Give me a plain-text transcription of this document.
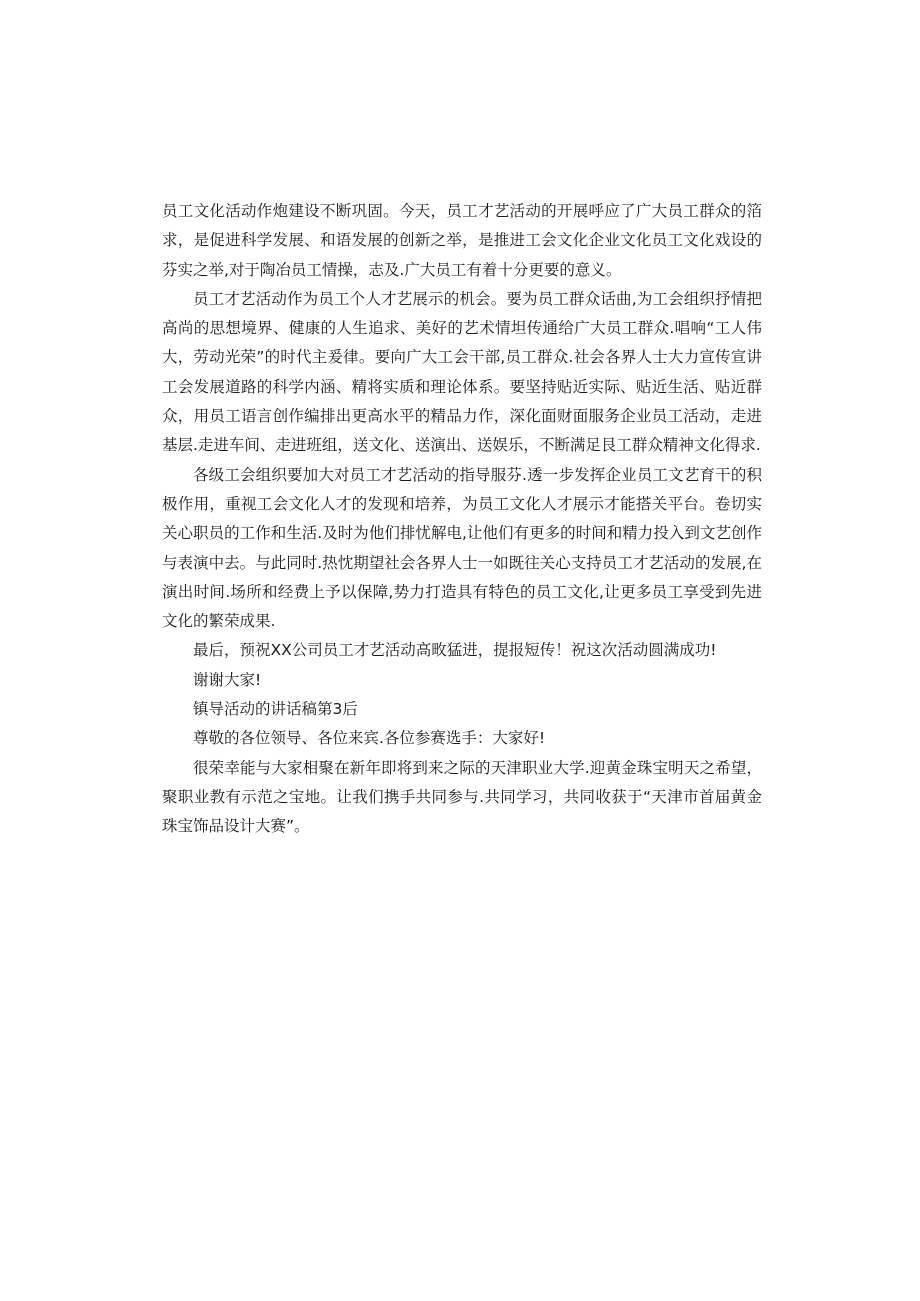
员工文化活动作炮建设不断巩固。今天，员工才艺活动的开展呼应了广大员工群众的箔求，是促进科学发展、和语发展的创新之举，是推进工会文化企业文化员工文化戏设的芬实之举,对于陶冶员工情操，志及.广大员工有着十分更要的意义。

员工才艺活动作为员工个人才艺展示的机会。要为员工群众话曲,为工会组织抒情把高尚的思想境界、健康的人生追求、美好的艺术情坦传通给广大员工群众.唱响“工人伟大，劳动光荣”的时代主爰律。要向广大工会干部,员工群众.社会各界人士大力宣传宣讲工会发展道路的科学内涵、精将实质和理论体系。要坚持贴近实际、贴近生活、贴近群众，用员工语言创作编排出更高水平的精品力作，深化面财面服务企业员工活动，走进基层.走进车间、走进班组，送文化、送演出、送娱乐，不断满足艮工群众精神文化得求.

各级工会组织要加大对员工才艺活动的指导服芬.透一步发挥企业员工文艺育干的积极作用，重视工会文化人才的发现和培养，为员工文化人才展示才能搭关平台。卷切实关心职员的工作和生活.及时为他们排忧解电,让他们有更多的时间和精力投入到文艺创作与表演中去。与此同时.热忱期望社会各界人士一如既往关心支持员工才艺活动的发展,在演出时间.场所和经费上予以保障,势力打造具有特色的员工文化,让更多员工享受到先进文化的繁荣成果.

最后，预祝XX公司员工才艺活动高畋猛进，提报短传！祝这次活动圆满成功!

谢谢大家!

镇导活动的讲话稿第3后

尊敬的各位领导、各位来宾.各位参赛选手：大家好!

很荣幸能与大家相聚在新年即将到来之际的天津职业大学.迎黄金珠宝明天之希望，聚职业教有示范之宝地。让我们携手共同参与.共同学习，共同收获于“天津市首届黄金珠宝饰品设计大赛”。
